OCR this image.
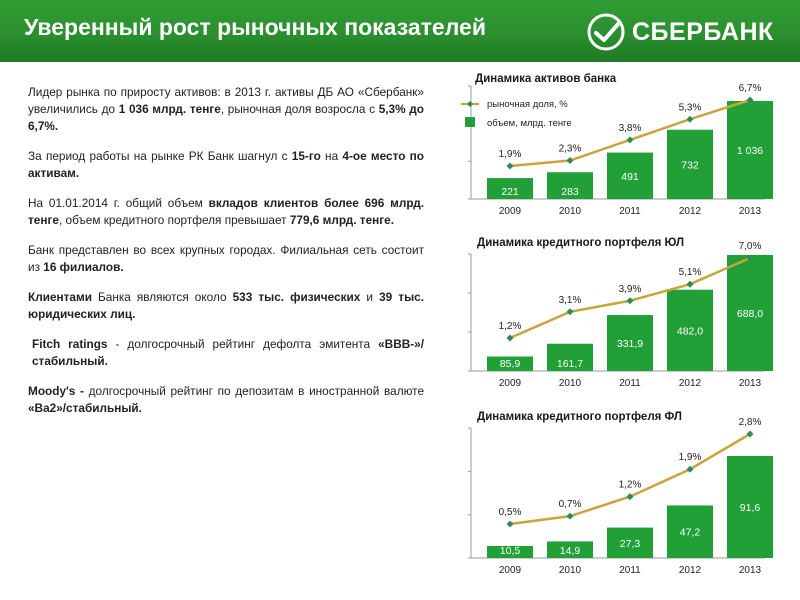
Уверенный рост рыночных показателей	СБЕРБАНК

Лидер рынка по приросту активов: в 2013 г. активы ДБ АО «Сбербанк» увеличились до 1 036 млрд. тенге, рыночная доля возросла с 5,3% до 6,7%.

За период работы на рынке РК Банк шагнул с 15-го на 4-ое место по активам.

На 01.01.2014 г. общий объем вкладов клиентов более 696 млрд. тенге, объем кредитного портфеля превышает 779,6 млрд. тенге.

Банк представлен во всех крупных городах. Филиальная сеть состоит из 16 филиалов.

Клиентами Банка являются около 533 тыс. физических и 39 тыс. юридических лиц.

Fitch ratings - долгосрочный рейтинг дефолта эмитента «BBB-»/стабильный.

Moody's - долгосрочный рейтинг по депозитам в иностранной валюте «Ba2»/стабильный.

Динамика активов банка
221
2009
283
2010
491
2011
732
2012
1 036
2013
1,9%	2,3%
3,8%
5,3%
6,7%
рыночная доля, %
объем, млрд. тенге
Динамика кредитного портфеля ЮЛ
85,9
2009
161,7
2010
331,9
2011
482,0
2012
688,0
2013
1,2%
3,1%
3,9%
5,1%
7,0%
Динамика кредитного портфеля ФЛ
10,5
2009
14,9
2010
27,3
2011
47,2
2012
91,6
2013
0,5%
0,7%
1,2%
1,9%
2,8%
